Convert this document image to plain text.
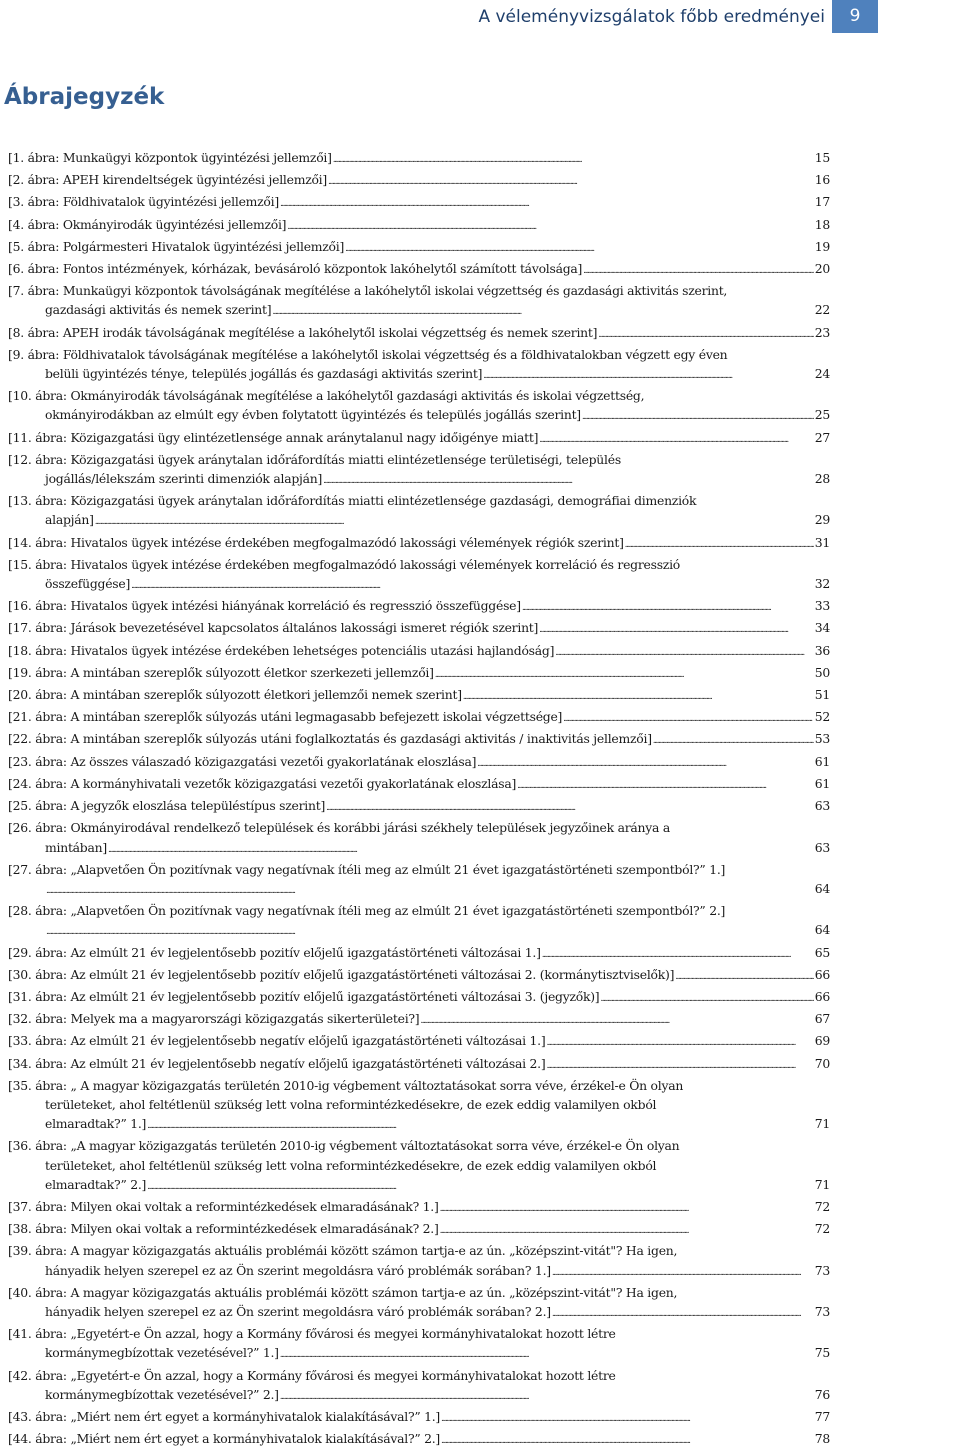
A véleményvizsgálatok főbb eredményei	9
Ábrajegyzék
[1. ábra: Munkaügyi központok ügyintézési jellemzői] . . .	15
[2. ábra: APEH kirendeltségek ügyintézési jellemzői] . . .	16
[3. ábra: Földhivatalok ügyintézési jellemzői] . . .	17
[4. ábra: Okmányirodák ügyintézési jellemzői] . . .	18
[5. ábra: Polgármesteri Hivatalok ügyintézési jellemzői] . . .	19
[6. ábra: Fontos intézmények, kórházak, bevásároló központok lakóhelytől számított távolsága] . . .	20
[7. ábra: Munkaügyi központok távolságának megítélése a lakóhelytől iskolai végzettség és gazdasági aktivitás szerint,
gazdasági aktivitás és nemek szerint] . . .	22
[8. ábra: APEH irodák távolságának megítélése a lakóhelytől iskolai végzettség és nemek szerint] . . .	23
[9. ábra: Földhivatalok távolságának megítélése a lakóhelytől iskolai végzettség és a földhivatalokban végzett egy éven
belüli ügyintézés ténye, település jogállás és gazdasági aktivitás szerint] . . .	24
[10. ábra: Okmányirodák távolságának megítélése a lakóhelytől gazdasági aktivitás és iskolai végzettség,
okmányirodákban az elmúlt egy évben folytatott ügyintézés és település jogállás szerint] . . .	25
[11. ábra: Közigazgatási ügy elintézetlensége annak aránytalanul nagy időigénye miatt] . . .	27
[12. ábra: Közigazgatási ügyek aránytalan időráfordítás miatti elintézetlensége területiségi, település
jogállás/lélekszám szerinti dimenziók alapján] . . .	28
[13. ábra: Közigazgatási ügyek aránytalan időráfordítás miatti elintézetlensége gazdasági, demográfiai dimenziók
alapján] . . .	29
[14. ábra: Hivatalos ügyek intézése érdekében megfogalmazódó lakossági vélemények régiók szerint] . . .	31
[15. ábra: Hivatalos ügyek intézése érdekében megfogalmazódó lakossági vélemények korreláció és regresszió
összefüggése] . . .	32
[16. ábra: Hivatalos ügyek intézési hiányának korreláció és regresszió összefüggése] . . .	33
[17. ábra: Járások bevezetésével kapcsolatos általános lakossági ismeret régiók szerint] . . .	34
[18. ábra: Hivatalos ügyek intézése érdekében lehetséges potenciális utazási hajlandóság] . . .	36
[19. ábra: A mintában szereplők súlyozott életkor szerkezeti jellemzői] . . .	50
[20. ábra: A mintában szereplők súlyozott életkori jellemzői nemek szerint] . . .	51
[21. ábra: A mintában szereplők súlyozás utáni legmagasabb befejezett iskolai végzettsége] . . .	52
[22. ábra: A mintában szereplők súlyozás utáni foglalkoztatás és gazdasági aktivitás / inaktivitás jellemzői] . . .	53
[23. ábra: Az összes válaszadó közigazgatási vezetői gyakorlatának eloszlása] . . .	61
[24. ábra: A kormányhivatali vezetők közigazgatási vezetői gyakorlatának eloszlása] . . .	61
[25. ábra: A jegyzők eloszlása településtípus szerint] . . .	63
[26. ábra: Okmányirodával rendelkező települések és korábbi járási székhely települések jegyzőinek aránya a
mintában] . . .	63
[27. ábra: „Alapvetően Ön pozitívnak vagy negatívnak ítéli meg az elmúlt 21 évet igazgatástörténeti szempontból?” 1.]
. . .
64
[28. ábra: „Alapvetően Ön pozitívnak vagy negatívnak ítéli meg az elmúlt 21 évet igazgatástörténeti szempontból?” 2.]
. . .
64
[29. ábra: Az elmúlt 21 év legjelentősebb pozitív előjelű igazgatástörténeti változásai 1.] . . .	65
[30. ábra: Az elmúlt 21 év legjelentősebb pozitív előjelű igazgatástörténeti változásai 2. (kormánytisztviselők)] . . .	66
[31. ábra: Az elmúlt 21 év legjelentősebb pozitív előjelű igazgatástörténeti változásai 3. (jegyzők)] . . .	66
[32. ábra: Melyek ma a magyarországi közigazgatás sikerterületei?] . . .	67
[33. ábra: Az elmúlt 21 év legjelentősebb negatív előjelű igazgatástörténeti változásai 1.] . . .	69
[34. ábra: Az elmúlt 21 év legjelentősebb negatív előjelű igazgatástörténeti változásai 2.] . . .	70
[35. ábra: „ A magyar közigazgatás területén 2010-ig végbement változtatásokat sorra véve, érzékel-e Ön olyan
területeket, ahol feltétlenül szükség lett volna reformintézkedésekre, de ezek eddig valamilyen okból
elmaradtak?” 1.] . . .	71
[36. ábra: „A magyar közigazgatás területén 2010-ig végbement változtatásokat sorra véve, érzékel-e Ön olyan
területeket, ahol feltétlenül szükség lett volna reformintézkedésekre, de ezek eddig valamilyen okból
elmaradtak?” 2.] . . .	71
[37. ábra: Milyen okai voltak a reformintézkedések elmaradásának? 1.] . . .	72
[38. ábra: Milyen okai voltak a reformintézkedések elmaradásának? 2.] . . .	72
[39. ábra: A magyar közigazgatás aktuális problémái között számon tartja-e az ún. „középszint-vitát"? Ha igen,
hányadik helyen szerepel ez az Ön szerint megoldásra váró problémák sorában? 1.] . . .	73
[40. ábra: A magyar közigazgatás aktuális problémái között számon tartja-e az ún. „középszint-vitát"? Ha igen,
hányadik helyen szerepel ez az Ön szerint megoldásra váró problémák sorában? 2.] . . .	73
[41. ábra: „Egyetért-e Ön azzal, hogy a Kormány fővárosi és megyei kormányhivatalokat hozott létre
kormánymegbízottak vezetésével?” 1.] . . .	75
[42. ábra: „Egyetért-e Ön azzal, hogy a Kormány fővárosi és megyei kormányhivatalokat hozott létre
kormánymegbízottak vezetésével?” 2.] . . .	76
[43. ábra: „Miért nem ért egyet a kormányhivatalok kialakításával?” 1.] . . .	77
[44. ábra: „Miért nem ért egyet a kormányhivatalok kialakításával?” 2.] . . .	78
